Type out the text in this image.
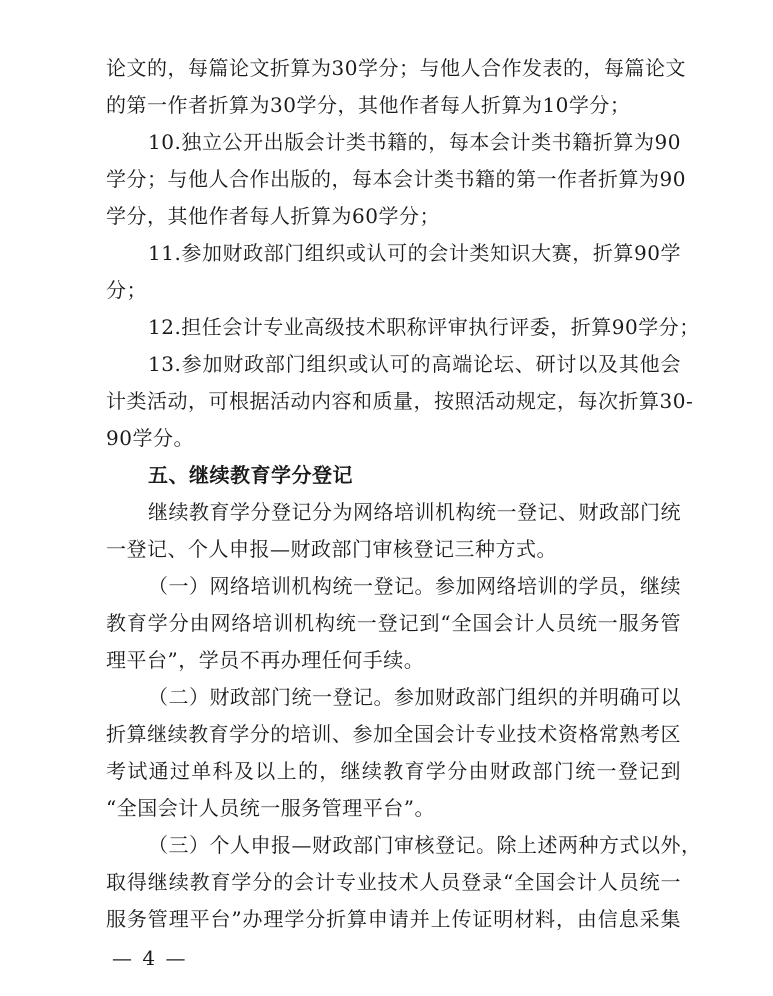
论文的，每篇论文折算为30学分；与他人合作发表的，每篇论文
的第一作者折算为30学分，其他作者每人折算为10学分；
10.独立公开出版会计类书籍的，每本会计类书籍折算为90
学分；与他人合作出版的，每本会计类书籍的第一作者折算为90
学分，其他作者每人折算为60学分；
11.参加财政部门组织或认可的会计类知识大赛，折算90学
分；
12.担任会计专业高级技术职称评审执行评委，折算90学分；
13.参加财政部门组织或认可的高端论坛、研讨以及其他会
计类活动，可根据活动内容和质量，按照活动规定，每次折算30-
90学分。
五、继续教育学分登记
继续教育学分登记分为网络培训机构统一登记、财政部门统
一登记、个人申报—财政部门审核登记三种方式。
（一）网络培训机构统一登记。参加网络培训的学员，继续
教育学分由网络培训机构统一登记到“全国会计人员统一服务管
理平台”，学员不再办理任何手续。
（二）财政部门统一登记。参加财政部门组织的并明确可以
折算继续教育学分的培训、参加全国会计专业技术资格常熟考区
考试通过单科及以上的，继续教育学分由财政部门统一登记到
“全国会计人员统一服务管理平台”。
（三）个人申报—财政部门审核登记。除上述两种方式以外，
取得继续教育学分的会计专业技术人员登录“全国会计人员统一
服务管理平台”办理学分折算申请并上传证明材料，由信息采集
— 4 —
